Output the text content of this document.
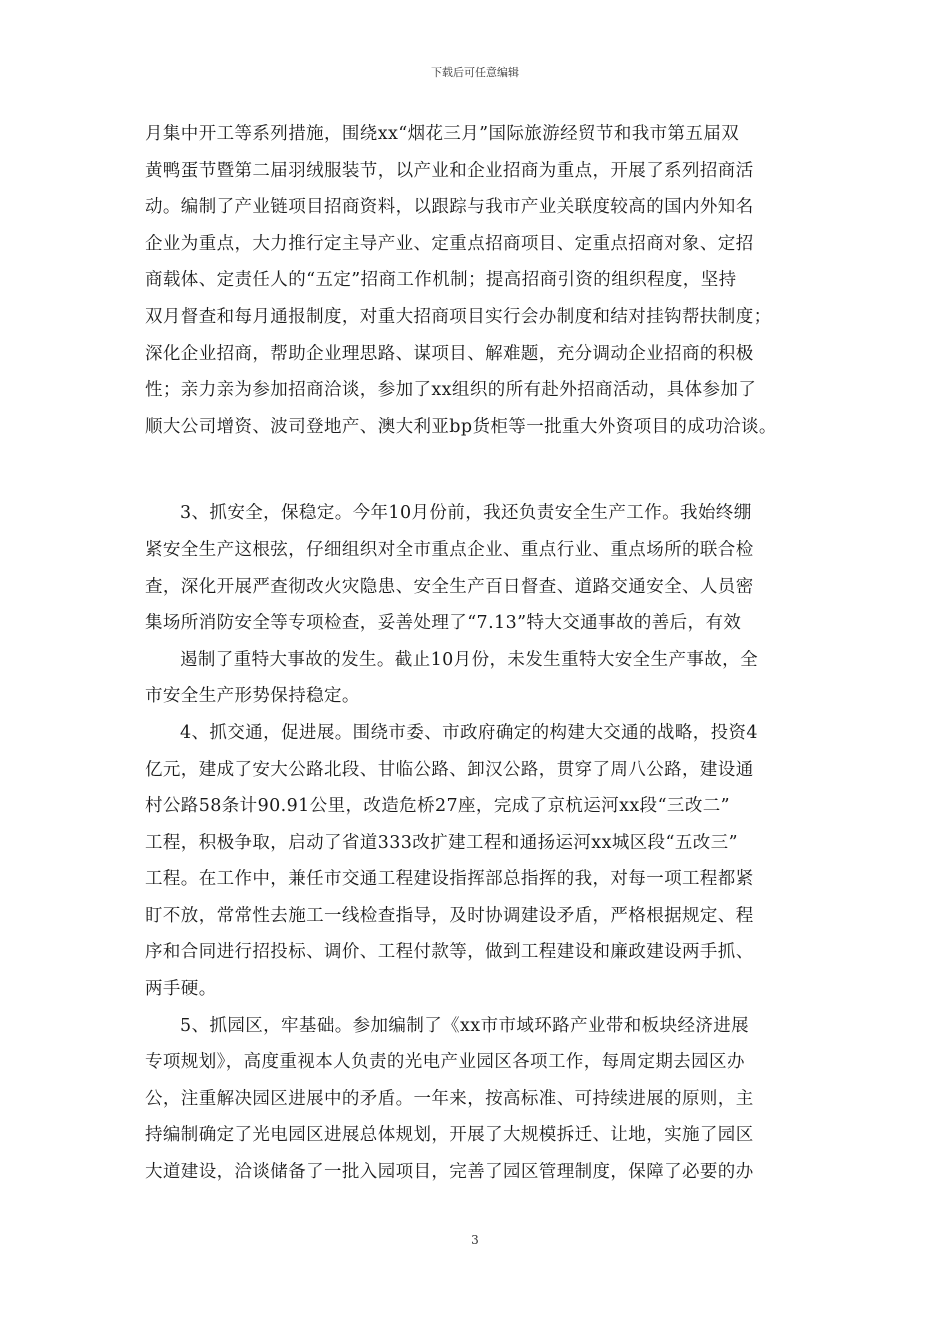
下载后可任意编辑
月集中开工等系列措施，围绕xx“烟花三月”国际旅游经贸节和我市第五届双
黄鸭蛋节暨第二届羽绒服装节，以产业和企业招商为重点，开展了系列招商活
动。编制了产业链项目招商资料，以跟踪与我市产业关联度较高的国内外知名
企业为重点，大力推行定主导产业、定重点招商项目、定重点招商对象、定招
商载体、定责任人的“五定”招商工作机制；提高招商引资的组织程度，坚持
双月督查和每月通报制度，对重大招商项目实行会办制度和结对挂钩帮扶制度；
深化企业招商，帮助企业理思路、谋项目、解难题，充分调动企业招商的积极
性；亲力亲为参加招商洽谈，参加了xx组织的所有赴外招商活动，具体参加了
顺大公司增资、波司登地产、澳大利亚bp货柜等一批重大外资项目的成功洽谈。
3、抓安全，保稳定。今年10月份前，我还负责安全生产工作。我始终绷
紧安全生产这根弦，仔细组织对全市重点企业、重点行业、重点场所的联合检
查，深化开展严查彻改火灾隐患、安全生产百日督查、道路交通安全、人员密
集场所消防安全等专项检查，妥善处理了“7.13”特大交通事故的善后，有效
遏制了重特大事故的发生。截止10月份，未发生重特大安全生产事故，全
市安全生产形势保持稳定。
4、抓交通，促进展。围绕市委、市政府确定的构建大交通的战略，投资4
亿元，建成了安大公路北段、甘临公路、卸汉公路，贯穿了周八公路，建设通
村公路58条计90.91公里，改造危桥27座，完成了京杭运河xx段“三改二”
工程，积极争取，启动了省道333改扩建工程和通扬运河xx城区段“五改三”
工程。在工作中，兼任市交通工程建设指挥部总指挥的我，对每一项工程都紧
盯不放，常常性去施工一线检查指导，及时协调建设矛盾，严格根据规定、程
序和合同进行招投标、调价、工程付款等，做到工程建设和廉政建设两手抓、
两手硬。
5、抓园区，牢基础。参加编制了《xx市市域环路产业带和板块经济进展
专项规划》，高度重视本人负责的光电产业园区各项工作，每周定期去园区办
公，注重解决园区进展中的矛盾。一年来，按高标准、可持续进展的原则，主
持编制确定了光电园区进展总体规划，开展了大规模拆迁、让地，实施了园区
大道建设，洽谈储备了一批入园项目，完善了园区管理制度，保障了必要的办
3
